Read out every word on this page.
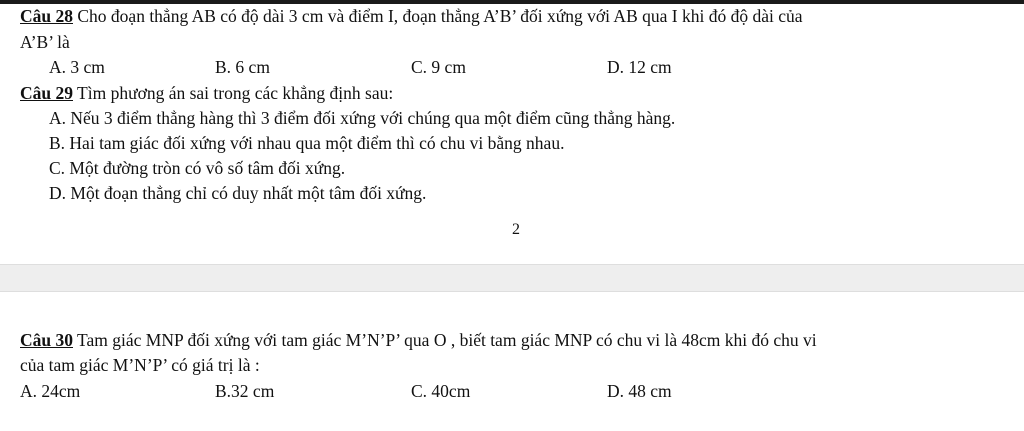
Câu 28 Cho đoạn thẳng AB có độ dài 3 cm và điểm I, đoạn thẳng A’B’ đối xứng với AB qua I khi đó độ dài của
A’B’ là
A. 3 cm	B. 6 cm	C. 9 cm	D. 12 cm
Câu 29 Tìm phương án sai trong các khẳng định sau:
A. Nếu 3 điểm thẳng hàng thì 3 điểm đối xứng với chúng qua một điểm cũng thẳng hàng.
B. Hai tam giác đối xứng với nhau qua một điểm thì có chu vi bằng nhau.
C. Một đường tròn có vô số tâm đối xứng.
D. Một đoạn thẳng chỉ có duy nhất một tâm đối xứng.
2
Câu 30 Tam giác MNP đối xứng với tam giác M’N’P’ qua O , biết tam giác MNP có chu vi là 48cm khi đó chu vi
của tam giác M’N’P’ có giá trị là :
A. 24cm	B.32 cm	C. 40cm	D. 48 cm
